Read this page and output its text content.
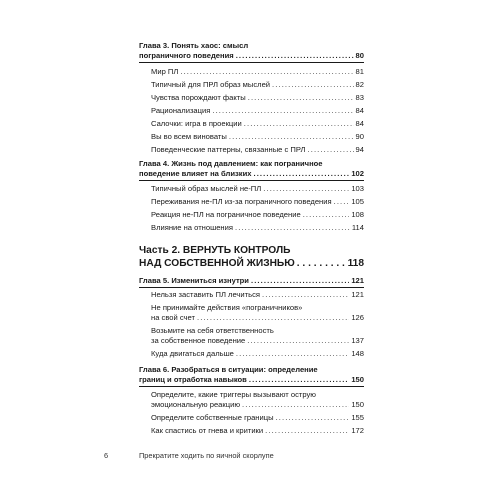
Глава 3. Понять хаос: смысл
пограничного поведения . . .	80
Мир ПЛ . . .	81
Типичный для ПРЛ образ мыслей . . .	82
Чувства порождают факты . . .	83
Рационализация . . .	84
Салочки: игра в проекции . . .	84
Вы во всем виноваты . . .	90
Поведенческие паттерны, связанные с ПРЛ . . .	94
Глава 4. Жизнь под давлением: как пограничное
поведение влияет на близких . . .	102
Типичный образ мыслей не-ПЛ . . .	103
Переживания не-ПЛ из-за пограничного поведения . . .	105
Реакция не-ПЛ на пограничное поведение . . .	108
Влияние на отношения . . .	114
Часть 2. ВЕРНУТЬ КОНТРОЛЬ
НАД СОБСТВЕННОЙ ЖИЗНЬЮ . . .	118
Глава 5. Измениться изнутри . . .	121
Нельзя заставить ПЛ лечиться . . .	121
Не принимайте действия «пограничников»
на свой счет . . .	126
Возьмите на себя ответственность
за собственное поведение . . .	137
Куда двигаться дальше . . .	148
Глава 6. Разобраться в ситуации: определение
границ и отработка навыков . . .	150
Определите, какие триггеры вызывают острую
эмоциональную реакцию . . .	150
Определите собственные границы . . .	155
Как спастись от гнева и критики . . .	172
6	Прекратите ходить по яичной скорлупе
